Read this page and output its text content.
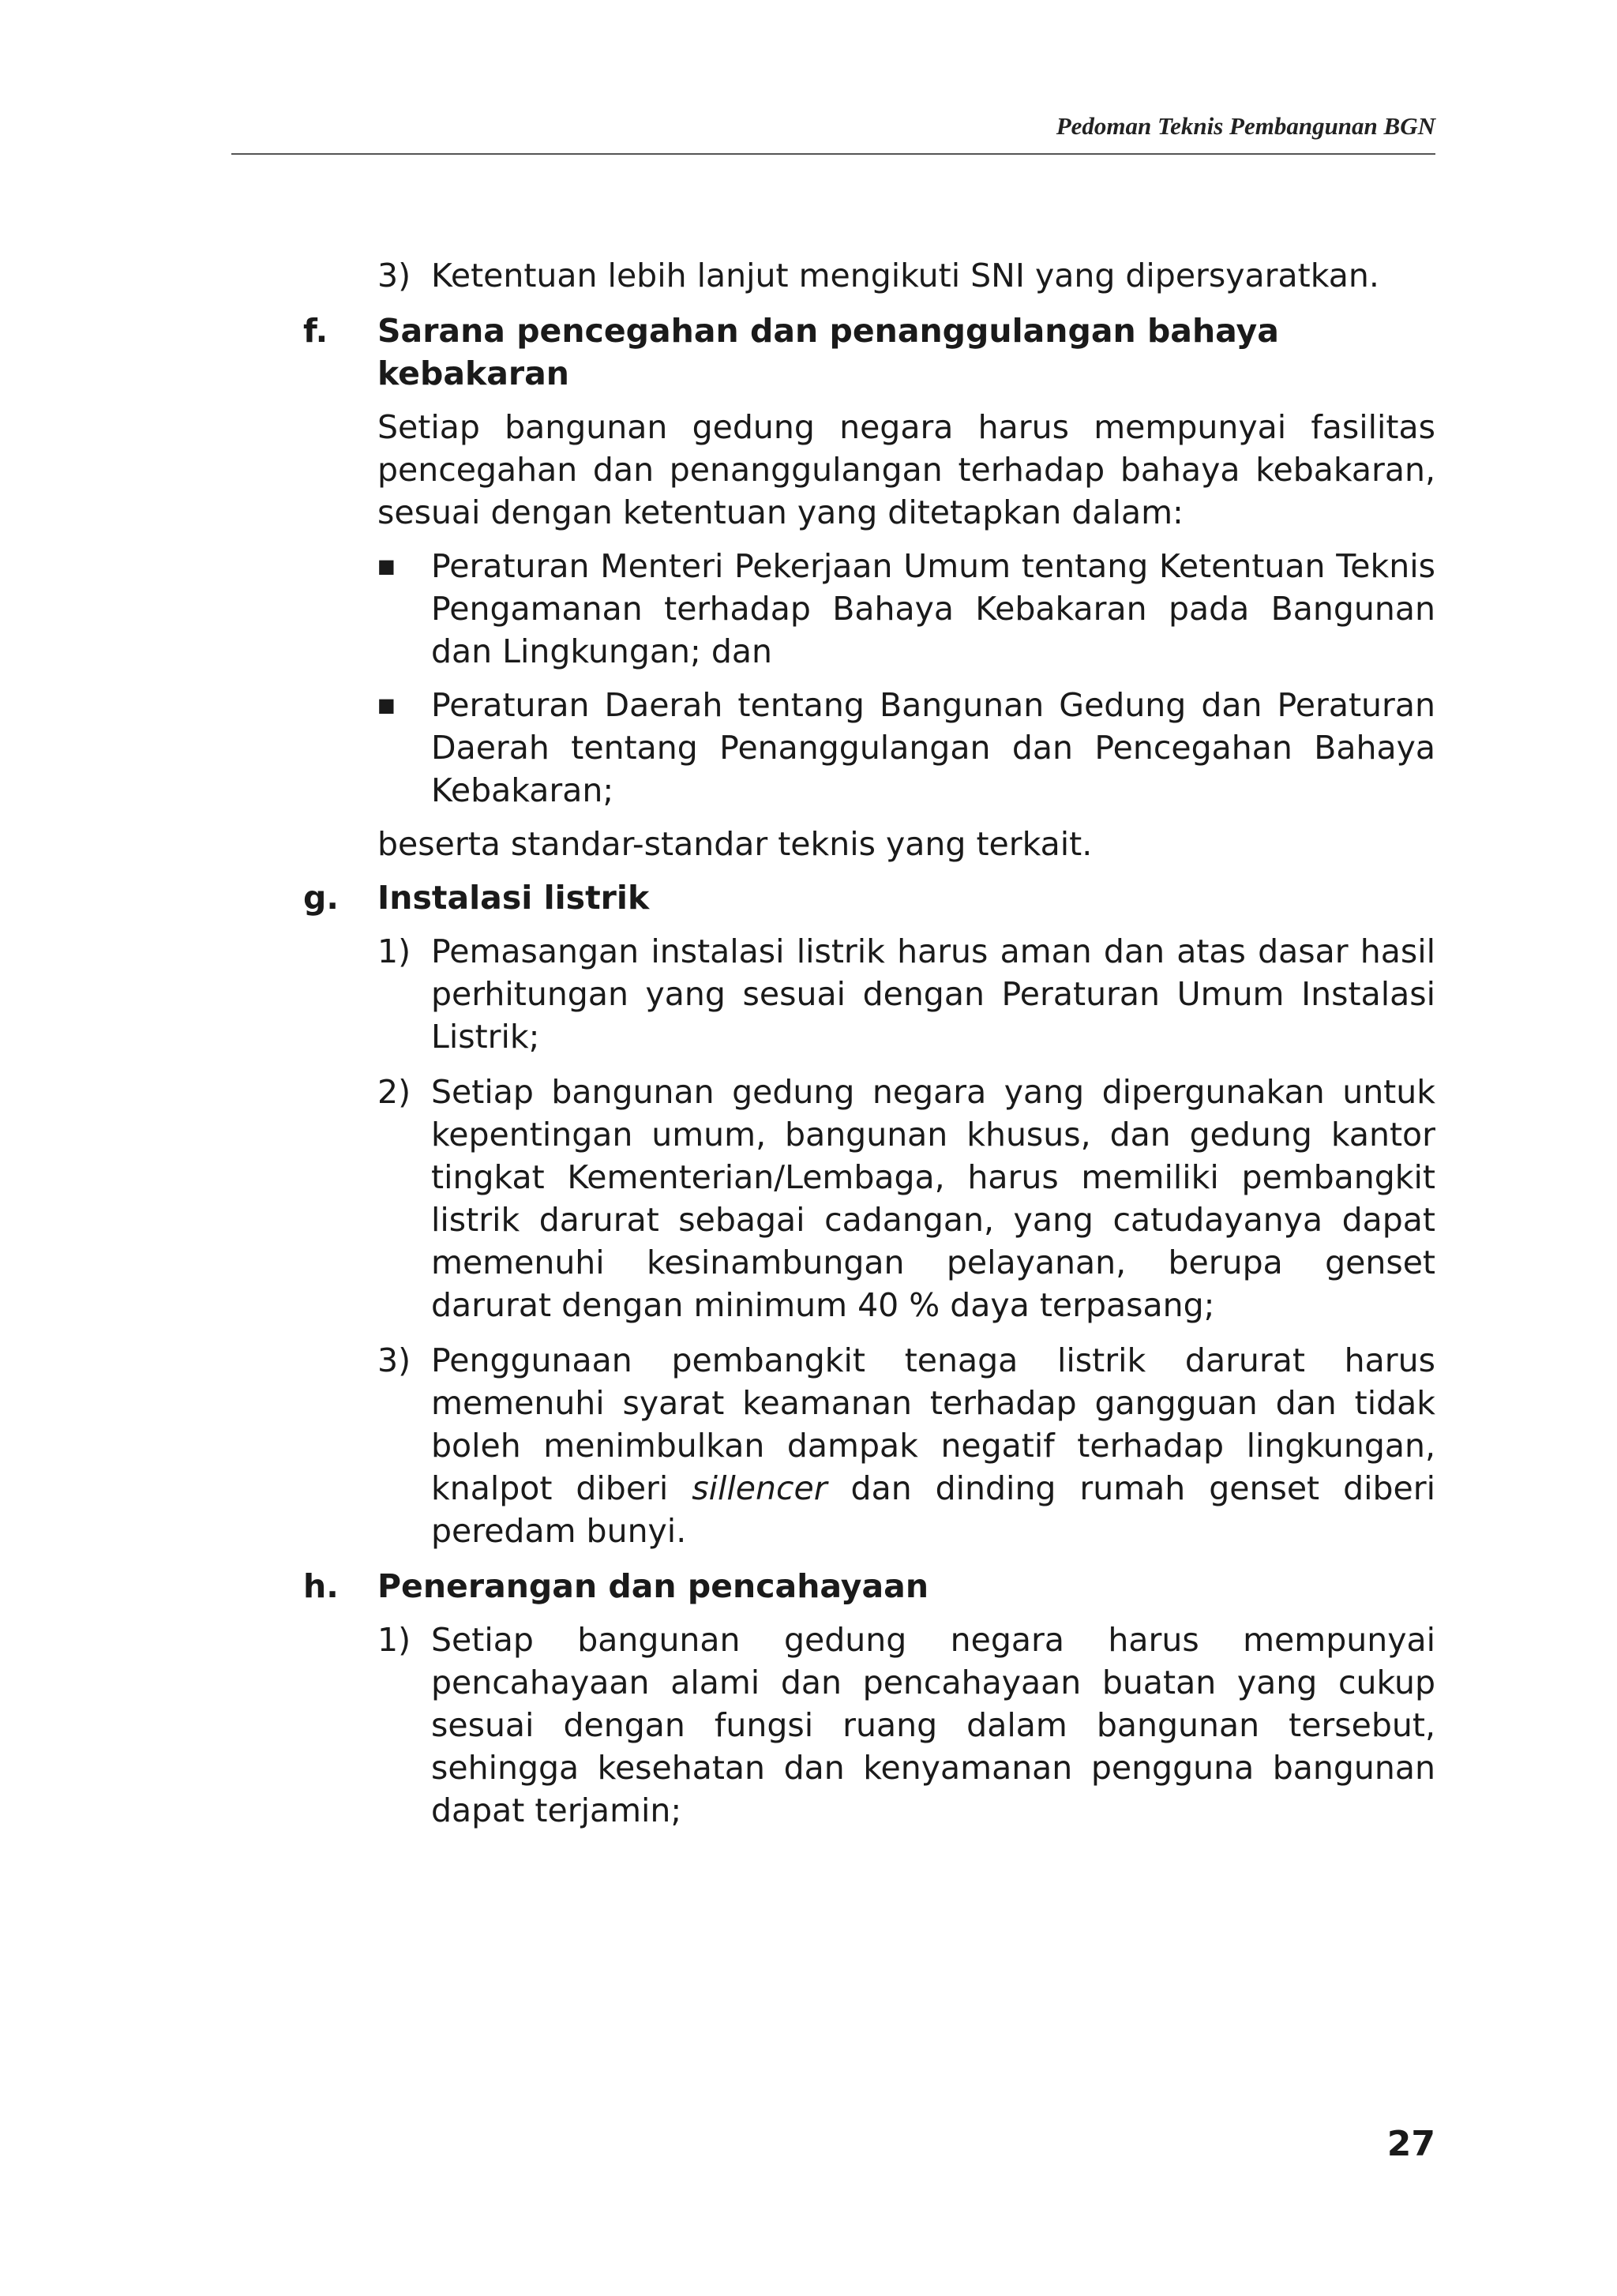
Pedoman Teknis Pembangunan BGN
3) Ketentuan lebih lanjut mengikuti SNI yang dipersyaratkan.
f.	Sarana pencegahan dan penanggulangan bahaya kebakaran

Setiap bangunan gedung negara harus mempunyai fasilitas pencegahan dan penanggulangan terhadap bahaya kebakaran, sesuai dengan ketentuan yang ditetapkan dalam:

■	Peraturan Menteri Pekerjaan Umum tentang Ketentuan Teknis Pengamanan terhadap Bahaya Kebakaran pada Bangunan dan Lingkungan; dan
■	Peraturan Daerah tentang Bangunan Gedung dan Peraturan Daerah tentang Penanggulangan dan Pencegahan Bahaya Kebakaran;

beserta standar-standar teknis yang terkait.

g.	Instalasi listrik
1) Pemasangan instalasi listrik harus aman dan atas dasar hasil perhitungan yang sesuai dengan Peraturan Umum Instalasi Listrik;
2) Setiap bangunan gedung negara yang dipergunakan untuk kepentingan umum, bangunan khusus, dan gedung kantor tingkat Kementerian/Lembaga, harus memiliki pembangkit listrik darurat sebagai cadangan, yang catudayanya dapat memenuhi kesinambungan pelayanan, berupa genset darurat dengan minimum 40 % daya terpasang;
3) Penggunaan pembangkit tenaga listrik darurat harus memenuhi syarat keamanan terhadap gangguan dan tidak boleh menimbulkan dampak negatif terhadap lingkungan, knalpot diberi sillencer dan dinding rumah genset diberi peredam bunyi.
h.	Penerangan dan pencahayaan
1) Setiap bangunan gedung negara harus mempunyai pencahayaan alami dan pencahayaan buatan yang cukup sesuai dengan fungsi ruang dalam bangunan tersebut, sehingga kesehatan dan kenyamanan pengguna bangunan dapat terjamin;
27
